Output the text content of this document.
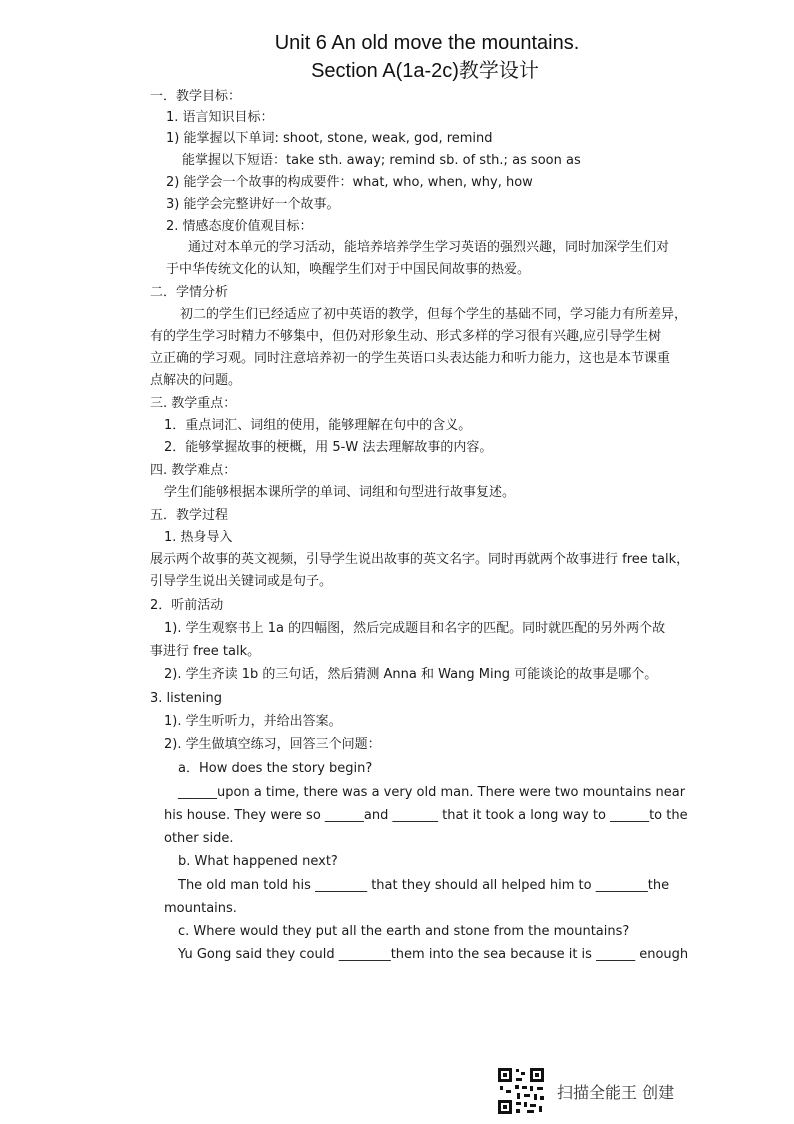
Unit 6 An old move the mountains.
Section A(1a-2c)教学设计
一．教学目标：
1. 语言知识目标：
1) 能掌握以下单词: shoot, stone, weak, god, remind
能掌握以下短语：take sth. away; remind sb. of sth.; as soon as
2) 能学会一个故事的构成要件：what, who, when, why, how
3) 能学会完整讲好一个故事。
2. 情感态度价值观目标：
通过对本单元的学习活动，能培养培养学生学习英语的强烈兴趣，同时加深学生们对
于中华传统文化的认知，唤醒学生们对于中国民间故事的热爱。
二．学情分析
初二的学生们已经适应了初中英语的教学，但每个学生的基础不同，学习能力有所差异，
有的学生学习时精力不够集中，但仍对形象生动、形式多样的学习很有兴趣,应引导学生树
立正确的学习观。同时注意培养初一的学生英语口头表达能力和听力能力，这也是本节课重
点解决的问题。
三. 教学重点：
1．重点词汇、词组的使用，能够理解在句中的含义。
2．能够掌握故事的梗概，用 5-W 法去理解故事的内容。
四. 教学难点：
学生们能够根据本课所学的单词、词组和句型进行故事复述。
五．教学过程
1. 热身导入
展示两个故事的英文视频，引导学生说出故事的英文名字。同时再就两个故事进行 free talk，
引导学生说出关键词或是句子。
2．听前活动
1). 学生观察书上 1a 的四幅图，然后完成题目和名字的匹配。同时就匹配的另外两个故
事进行 free talk。
2). 学生齐读 1b 的三句话，然后猜测 Anna 和 Wang Ming 可能谈论的故事是哪个。
3. listening
1). 学生听听力，并给出答案。
2). 学生做填空练习，回答三个问题：
a．How does the story begin?
______upon a time, there was a very old man. There were two mountains near
his house. They were so ______and _______ that it took a long way to ______to the
other side.
b. What happened next?
The old man told his ________ that they should all helped him to ________the
mountains.
c. Where would they put all the earth and stone from the mountains?
Yu Gong said they could ________them into the sea because it is ______ enough
扫描全能王 创建
